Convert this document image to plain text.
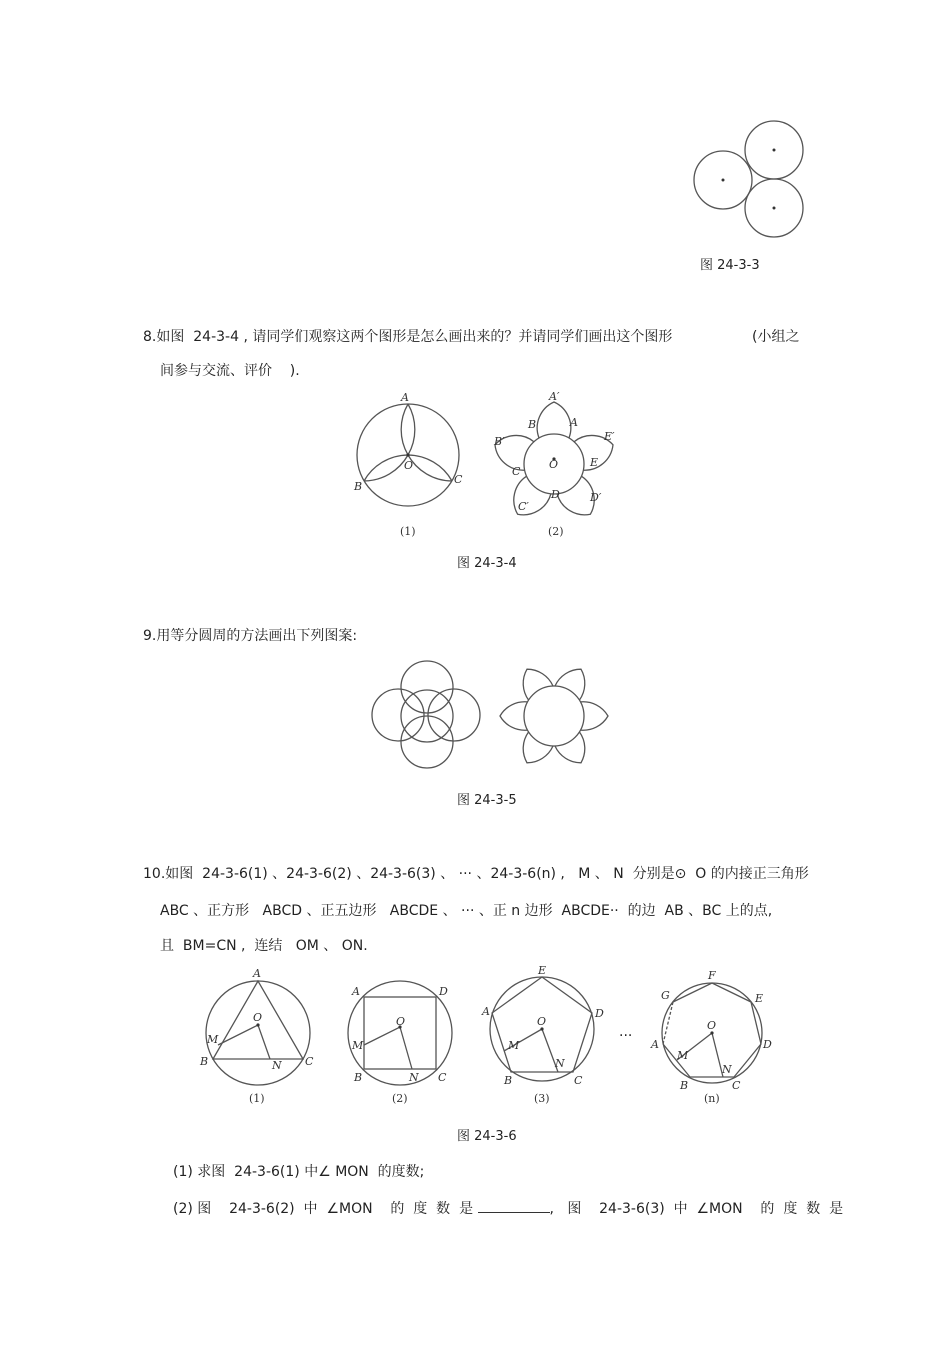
图 24-3-3
8.如图  24-3-4 , 请同学们观察这两个图形是怎么画出来的？并请同学们画出这个图形	(小组之
间参与交流、评价    ).
A
B
C
O
(1)
A′
B	A
E′
B′
C
E
O
C′
D	D′
(2)
图 24-3-4
9.用等分圆周的方法画出下列图案:
图 24-3-5
10.如图  24-3-6(1) 、24-3-6(2) 、24-3-6(3) 、 ··· 、24-3-6(n) ,   M 、 N  分别是⊙  O 的内接正三角形
ABC 、正方形   ABCD 、正五边形   ABCDE 、 ··· 、正 n 边形  ABCDE··  的边  AB 、BC 上的点,
且  BM=CN ,  连结   OM 、 ON.
A
O
M
B	N C
(1)
A	D
O
M
B	N C
(2)
E
A	D
O
M
B
N
C
(3)
···
F
G	E
O
A	D
M
B
N
C
(n)
图 24-3-6
(1) 求图  24-3-6(1) 中∠ MON  的度数;
(2) 图    24-3-6(2)  中  ∠MON    的  度  数  是	,   图    24-3-6(3)  中  ∠MON    的  度  数  是
